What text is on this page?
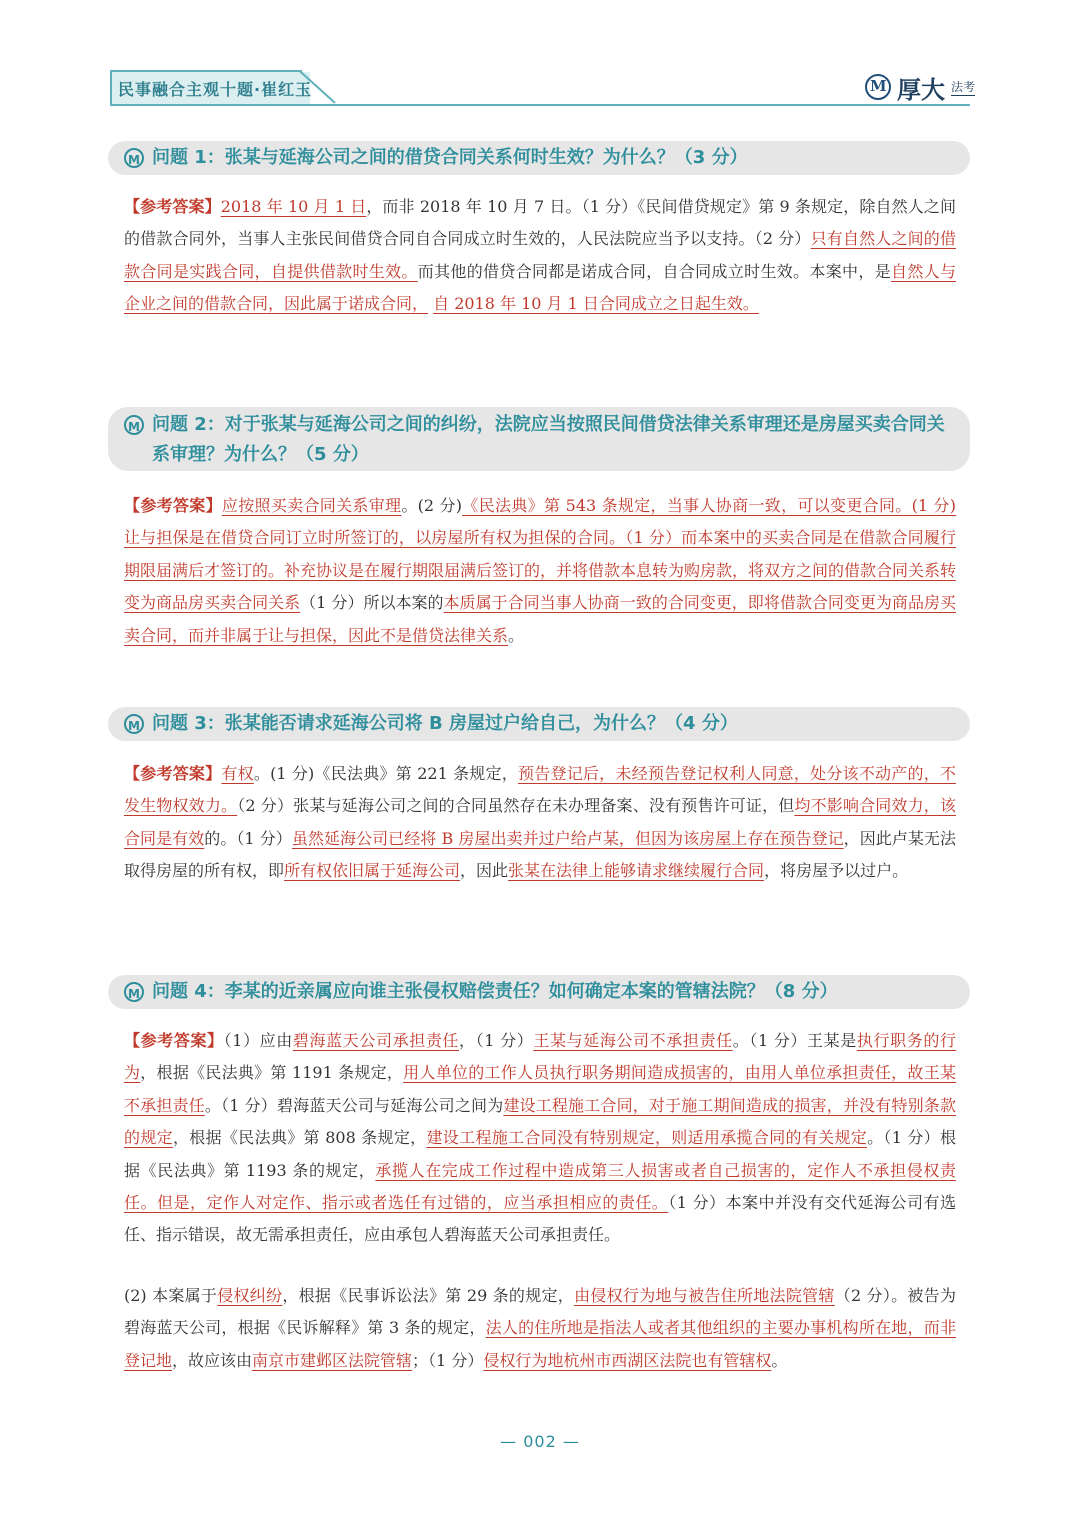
民事融合主观十题·崔红玉
M	厚大 法考
M
问题 1：张某与延海公司之间的借贷合同关系何时生效？为什么？（3 分）
【参考答案】2018 年 10 月 1 日，而非 2018 年 10 月 7 日。（1 分）《民间借贷规定》第 9 条规定，除自然人之间的借款合同外，当事人主张民间借贷合同自合同成立时生效的，人民法院应当予以支持。（2 分）只有自然人之间的借款合同是实践合同，自提供借款时生效。而其他的借贷合同都是诺成合同，自合同成立时生效。本案中，是自然人与企业之间的借款合同，因此属于诺成合同， 自 2018 年 10 月 1 日合同成立之日起生效。
M
问题 2：对于张某与延海公司之间的纠纷，法院应当按照民间借贷法律关系审理还是房屋买卖合同关系审理？为什么？（5 分）
【参考答案】应按照买卖合同关系审理。(2 分)《民法典》第 543 条规定，当事人协商一致，可以变更合同。(1 分)让与担保是在借贷合同订立时所签订的，以房屋所有权为担保的合同。（1 分）而本案中的买卖合同是在借款合同履行期限届满后才签订的。补充协议是在履行期限届满后签订的，并将借款本息转为购房款，将双方之间的借款合同关系转变为商品房买卖合同关系（1 分）所以本案的本质属于合同当事人协商一致的合同变更，即将借款合同变更为商品房买卖合同，而并非属于让与担保，因此不是借贷法律关系。
M
问题 3：张某能否请求延海公司将 B 房屋过户给自己，为什么？（4 分）
【参考答案】有权。(1 分)《民法典》第 221 条规定，预告登记后，未经预告登记权利人同意，处分该不动产的，不发生物权效力。（2 分）张某与延海公司之间的合同虽然存在未办理备案、没有预售许可证，但均不影响合同效力，该合同是有效的。（1 分）虽然延海公司已经将 B 房屋出卖并过户给卢某，但因为该房屋上存在预告登记，因此卢某无法取得房屋的所有权，即所有权依旧属于延海公司，因此张某在法律上能够请求继续履行合同，将房屋予以过户。
M
问题 4：李某的近亲属应向谁主张侵权赔偿责任？如何确定本案的管辖法院？（8 分）
【参考答案】（1）应由碧海蓝天公司承担责任，（1 分）王某与延海公司不承担责任。（1 分）王某是执行职务的行为，根据《民法典》第 1191 条规定，用人单位的工作人员执行职务期间造成损害的，由用人单位承担责任，故王某不承担责任。（1 分）碧海蓝天公司与延海公司之间为建设工程施工合同，对于施工期间造成的损害，并没有特别条款的规定，根据《民法典》第 808 条规定，建设工程施工合同没有特别规定，则适用承揽合同的有关规定。（1 分）根据《民法典》第 1193 条的规定，承揽人在完成工作过程中造成第三人损害或者自己损害的，定作人不承担侵权责任。但是，定作人对定作、指示或者选任有过错的，应当承担相应的责任。（1 分）本案中并没有交代延海公司有选任、指示错误，故无需承担责任，应由承包人碧海蓝天公司承担责任。
(2) 本案属于侵权纠纷，根据《民事诉讼法》第 29 条的规定，由侵权行为地与被告住所地法院管辖（2 分）。被告为碧海蓝天公司，根据《民诉解释》第 3 条的规定，法人的住所地是指法人或者其他组织的主要办事机构所在地，而非登记地，故应该由南京市建邺区法院管辖；（1 分）侵权行为地杭州市西湖区法院也有管辖权。
— 002 —
